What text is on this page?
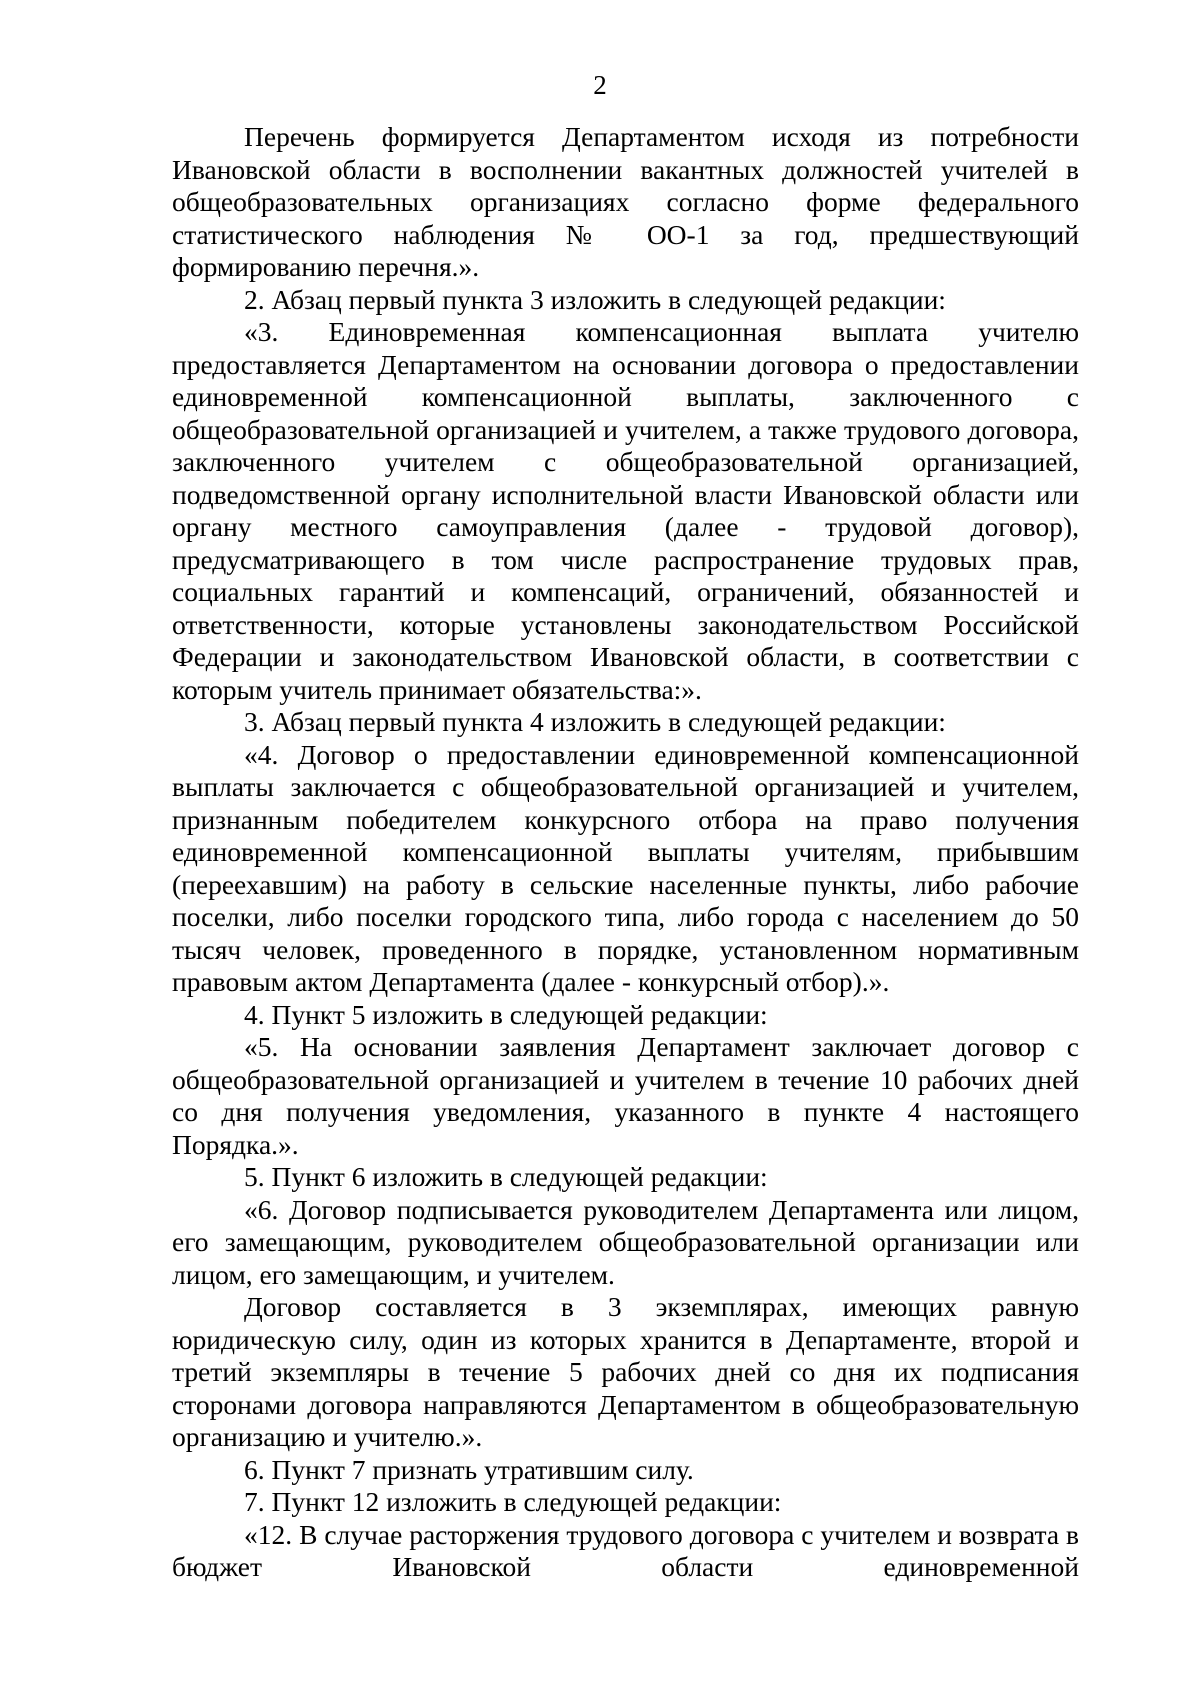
2

Перечень формируется Департаментом исходя из потребности Ивановской области в восполнении вакантных должностей учителей в общеобразовательных организациях согласно форме федерального статистического наблюдения № ОО-1 за год, предшествующий формированию перечня.».

2. Абзац первый пункта 3 изложить в следующей редакции:

«3. Единовременная компенсационная выплата учителю предоставляется Департаментом на основании договора о предоставлении единовременной компенсационной выплаты, заключенного с общеобразовательной организацией и учителем, а также трудового договора, заключенного учителем с общеобразовательной организацией, подведомственной органу исполнительной власти Ивановской области или органу местного самоуправления (далее - трудовой договор), предусматривающего в том числе распространение трудовых прав, социальных гарантий и компенсаций, ограничений, обязанностей и ответственности, которые установлены законодательством Российской Федерации и законодательством Ивановской области, в соответствии с которым учитель принимает обязательства:».

3. Абзац первый пункта 4 изложить в следующей редакции:

«4. Договор о предоставлении единовременной компенсационной выплаты заключается с общеобразовательной организацией и учителем, признанным победителем конкурсного отбора на право получения единовременной компенсационной выплаты учителям, прибывшим (переехавшим) на работу в сельские населенные пункты, либо рабочие поселки, либо поселки городского типа, либо города с населением до 50 тысяч человек, проведенного в порядке, установленном нормативным правовым актом Департамента (далее - конкурсный отбор).».

4. Пункт 5 изложить в следующей редакции:

«5. На основании заявления Департамент заключает договор с общеобразовательной организацией и учителем в течение 10 рабочих дней со дня получения уведомления, указанного в пункте 4 настоящего Порядка.».

5. Пункт 6 изложить в следующей редакции:

«6. Договор подписывается руководителем Департамента или лицом, его замещающим, руководителем общеобразовательной организации или лицом, его замещающим, и учителем.

Договор составляется в 3 экземплярах, имеющих равную юридическую силу, один из которых хранится в Департаменте, второй и третий экземпляры в течение 5 рабочих дней со дня их подписания сторонами договора направляются Департаментом в общеобразовательную организацию и учителю.».

6. Пункт 7 признать утратившим силу.

7. Пункт 12 изложить в следующей редакции:

«12. В случае расторжения трудового договора с учителем и возврата в бюджет Ивановской области единовременной
